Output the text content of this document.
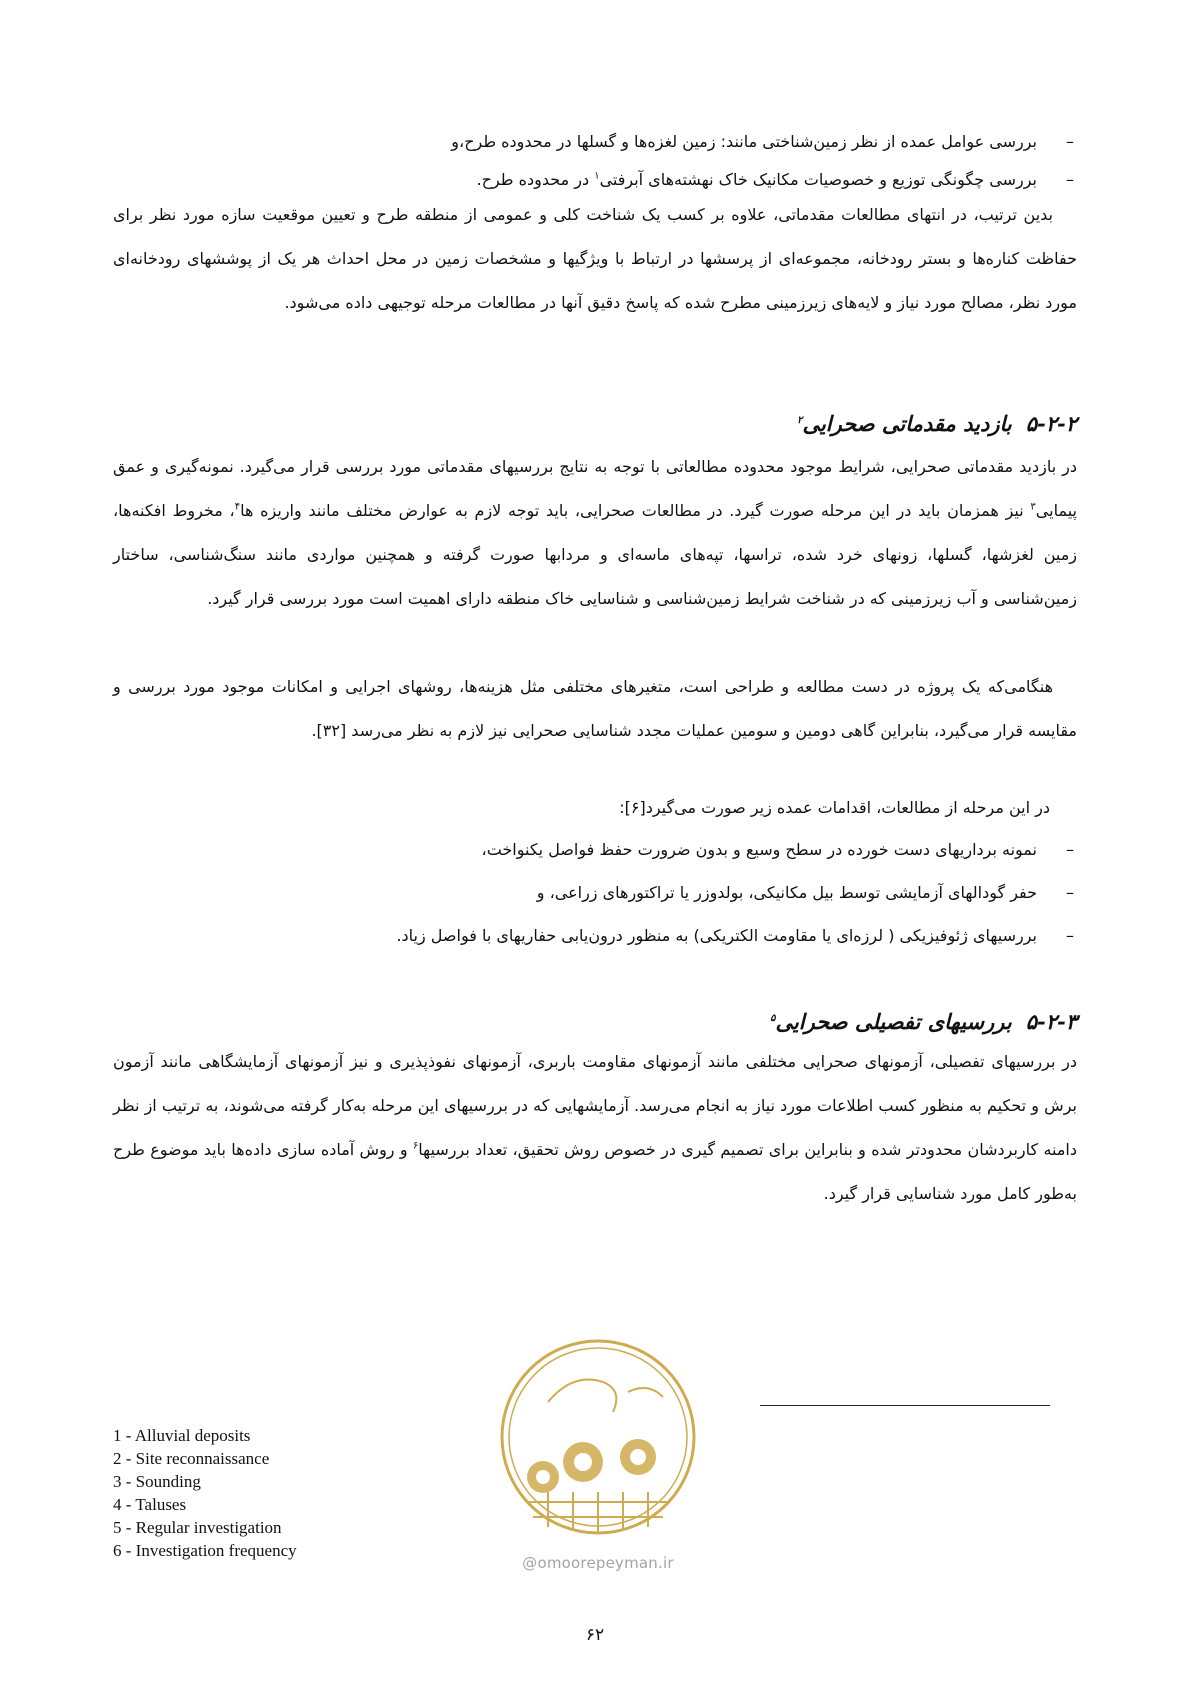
–
بررسی عوامل عمده از نظر زمین‌شناختی مانند: زمین لغزه‌ها و گسلها در محدوده طرح،و
–
بررسی چگونگی توزیع و خصوصیات مکانیک خاک نهشته‌های آبرفتی$^۱$ در محدوده طرح.

بدین ترتیب، در انتهای مطالعات مقدماتی، علاوه بر کسب یک شناخت کلی و عمومی از منطقه طرح و تعیین موقعیت سازه مورد نظر برای حفاظت کناره‌ها و بستر رودخانه، مجموعه‌ای از پرسشها در ارتباط با ویژگیها و مشخصات زمین در محل احداث هر یک از پوششهای رودخانه‌ای مورد نظر، مصالح مورد نیاز و لایه‌های زیرزمینی مطرح شده که پاسخ دقیق آنها در مطالعات مرحله توجیهی داده می‌شود.

۵-۲-۲بازدید مقدماتی صحرایی$^۲$

در بازدید مقدماتی صحرایی، شرایط موجود محدوده مطالعاتی با توجه به نتایج بررسیهای مقدماتی مورد بررسی قرار می‌گیرد. نمونه‌گیری و عمق پیمایی$^۳$ نیز همزمان باید در این مرحله صورت گیرد. در مطالعات صحرایی، باید توجه لازم به عوارض مختلف مانند واریزه ها$^۴$، مخروط افکنه‌ها، زمین لغزشها، گسلها، زونهای خرد شده، تراسها، تپه‌های ماسه‌ای و مردابها صورت گرفته و همچنین مواردی مانند سنگ‌شناسی، ساختار زمین‌شناسی و آب زیرزمینی که در شناخت شرایط زمین‌شناسی و شناسایی خاک منطقه دارای اهمیت است مورد بررسی قرار گیرد.

هنگامی‌که یک پروژه در دست مطالعه و طراحی است، متغیرهای مختلفی مثل هزینه‌ها، روشهای اجرایی و امکانات موجود مورد بررسی و مقایسه قرار می‌گیرد، بنابراین گاهی دومین و سومین عملیات مجدد شناسایی صحرایی نیز لازم به نظر می‌رسد [۳۲].

در این مرحله از مطالعات، اقدامات عمده زیر صورت می‌گیرد[۶]:

–
نمونه برداریهای دست خورده در سطح وسیع و بدون ضرورت حفظ فواصل یکنواخت،
–
حفر گودالهای آزمایشی توسط بیل مکانیکی، بولدوزر یا تراکتورهای زراعی، و
–
بررسیهای ژئوفیزیکی ( لرزه‌ای یا مقاومت الکتریکی) به منظور درون‌یابی حفاریهای با فواصل زیاد.
۵-۲-۳بررسیهای تفصیلی صحرایی$^۵$

در بررسیهای تفصیلی، آزمونهای صحرایی مختلفی مانند آزمونهای مقاومت باربری، آزمونهای نفوذپذیری و نیز آزمونهای آزمایشگاهی مانند آزمون برش و تحکیم به منظور کسب اطلاعات مورد نیاز به انجام می‌رسد. آزمایشهایی که در بررسیهای این مرحله به‌کار گرفته می‌شوند، به ترتیب از نظر دامنه کاربردشان محدودتر شده و بنابراین برای تصمیم گیری در خصوص روش تحقیق، تعداد بررسیها$^۶$ و روش آماده سازی داده‌ها باید موضوع طرح به‌طور کامل مورد شناسایی قرار گیرد.

@omoorepeyman.ir
1 - Alluvial deposits
2 - Site reconnaissance
3 - Sounding
4 - Taluses
5 - Regular investigation
6 - Investigation frequency
۶۲
